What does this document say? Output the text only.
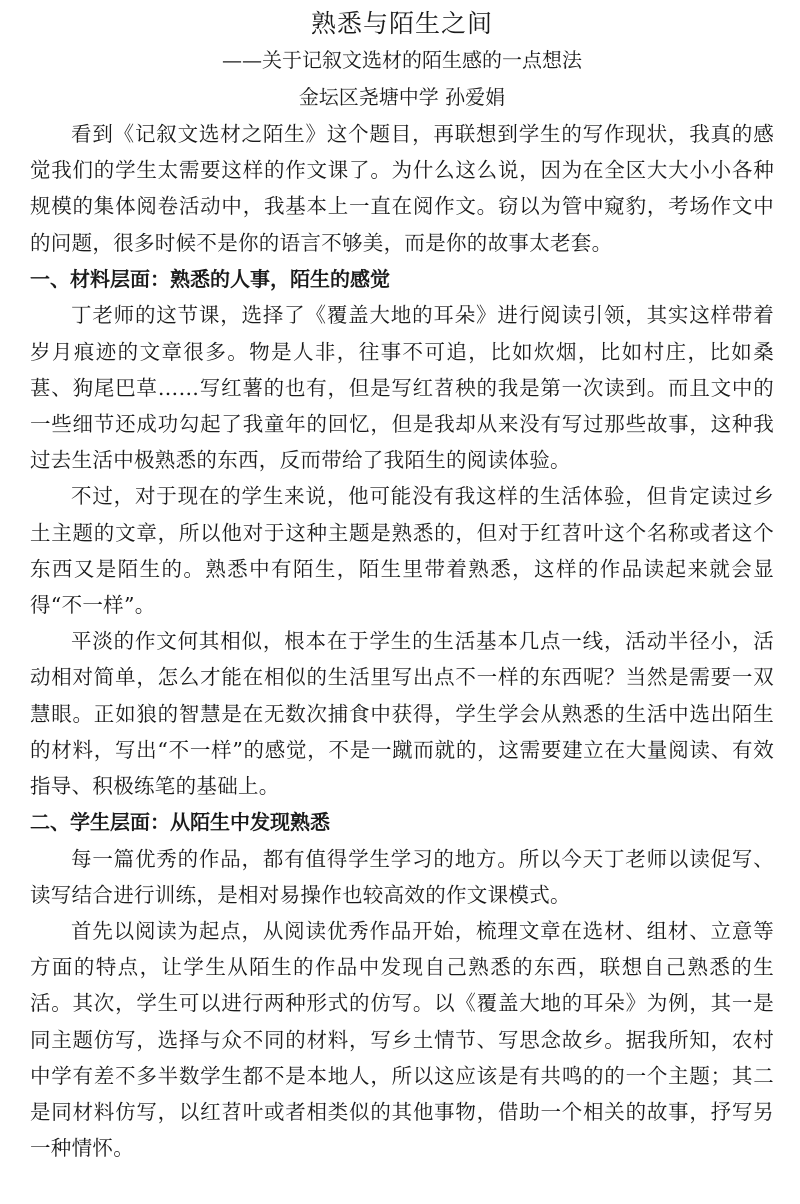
熟悉与陌生之间
——关于记叙文选材的陌生感的一点想法
金坛区尧塘中学 孙爱娟

看到《记叙文选材之陌生》这个题目，再联想到学生的写作现状，我真的感觉我们的学生太需要这样的作文课了。为什么这么说，因为在全区大大小小各种规模的集体阅卷活动中，我基本上一直在阅作文。窃以为管中窥豹，考场作文中的问题，很多时候不是你的语言不够美，而是你的故事太老套。

一、材料层面：熟悉的人事，陌生的感觉

丁老师的这节课，选择了《覆盖大地的耳朵》进行阅读引领，其实这样带着岁月痕迹的文章很多。物是人非，往事不可追，比如炊烟，比如村庄，比如桑葚、狗尾巴草……写红薯的也有，但是写红苕秧的我是第一次读到。而且文中的一些细节还成功勾起了我童年的回忆，但是我却从来没有写过那些故事，这种我过去生活中极熟悉的东西，反而带给了我陌生的阅读体验。

不过，对于现在的学生来说，他可能没有我这样的生活体验，但肯定读过乡土主题的文章，所以他对于这种主题是熟悉的，但对于红苕叶这个名称或者这个东西又是陌生的。熟悉中有陌生，陌生里带着熟悉，这样的作品读起来就会显得“不一样”。

平淡的作文何其相似，根本在于学生的生活基本几点一线，活动半径小，活动相对简单，怎么才能在相似的生活里写出点不一样的东西呢？当然是需要一双慧眼。正如狼的智慧是在无数次捕食中获得，学生学会从熟悉的生活中选出陌生的材料，写出“不一样”的感觉，不是一蹴而就的，这需要建立在大量阅读、有效指导、积极练笔的基础上。

二、学生层面：从陌生中发现熟悉

每一篇优秀的作品，都有值得学生学习的地方。所以今天丁老师以读促写、读写结合进行训练，是相对易操作也较高效的作文课模式。

首先以阅读为起点，从阅读优秀作品开始，梳理文章在选材、组材、立意等方面的特点，让学生从陌生的作品中发现自己熟悉的东西，联想自己熟悉的生活。其次，学生可以进行两种形式的仿写。以《覆盖大地的耳朵》为例，其一是同主题仿写，选择与众不同的材料，写乡土情节、写思念故乡。据我所知，农村中学有差不多半数学生都不是本地人，所以这应该是有共鸣的的一个主题；其二是同材料仿写，以红苕叶或者相类似的其他事物，借助一个相关的故事，抒写另一种情怀。
